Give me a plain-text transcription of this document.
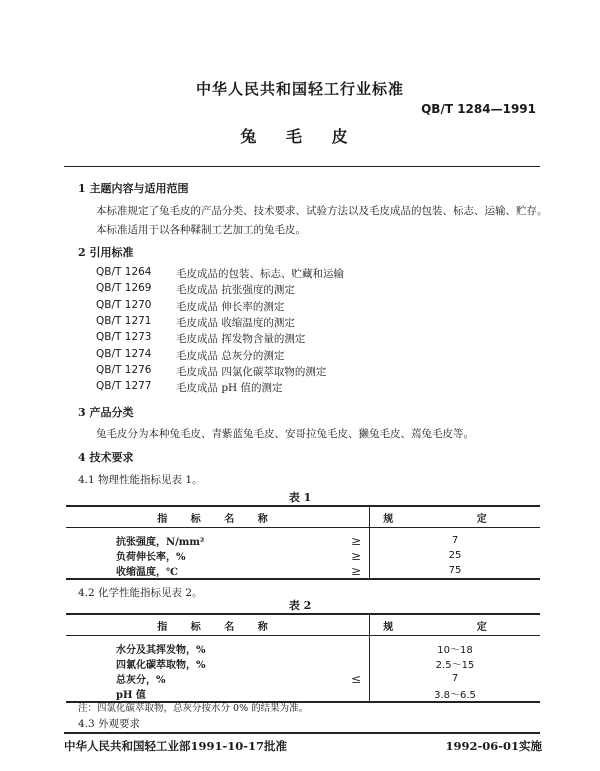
中华人民共和国轻工行业标准
QB/T 1284—1991
兔 毛 皮
1 主题内容与适用范围
本标准规定了兔毛皮的产品分类、技术要求、试验方法以及毛皮成品的包装、标志、运输、贮存。
本标准适用于以各种鞣制工艺加工的兔毛皮。
2 引用标准
QB/T 1264	毛皮成品的包装、标志、贮藏和运输
QB/T 1269	毛皮成品 抗张强度的测定
QB/T 1270	毛皮成品 伸长率的测定
QB/T 1271	毛皮成品 收缩温度的测定
QB/T 1273	毛皮成品 挥发物含量的测定
QB/T 1274	毛皮成品 总灰分的测定
QB/T 1276	毛皮成品 四氯化碳萃取物的测定
QB/T 1277	毛皮成品 pH 值的测定
3 产品分类
兔毛皮分为本种兔毛皮、青紫蓝兔毛皮、安哥拉兔毛皮、獭兔毛皮、蔫兔毛皮等。
4 技术要求
4.1 物理性能指标见表 1。
表 1
指 标 名 称		规 定
抗张强度，N/mm²	≥	7
负荷伸长率，%	≥	25
收缩温度，℃	≥	75
4.2 化学性能指标见表 2。
表 2
指 标 名 称		规 定
水分及其挥发物，%		10～18
四氯化碳萃取物，%		2.5～15
总灰分，%	≤	7
pH 值		3.8～6.5
注：四氯化碳萃取物，总灰分按水分 0% 的结果为准。
4.3 外观要求
中华人民共和国轻工业部1991-10-17批准	1992-06-01实施
